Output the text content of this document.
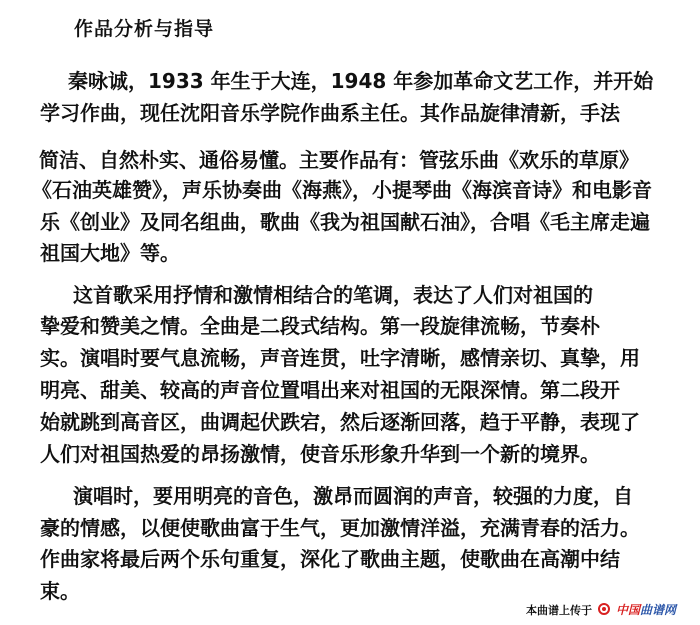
作品分析与指导
秦咏诚，1933 年生于大连，1948 年参加革命文艺工作，并开始
学习作曲，现任沈阳音乐学院作曲系主任。其作品旋律清新，手法
简洁、自然朴实、通俗易懂。主要作品有：管弦乐曲《欢乐的草原》
《石油英雄赞》，声乐协奏曲《海燕》，小提琴曲《海滨音诗》和电影音
乐《创业》及同名组曲，歌曲《我为祖国献石油》，合唱《毛主席走遍
祖国大地》等。
这首歌采用抒情和激情相结合的笔调，表达了人们对祖国的
挚爱和赞美之情。全曲是二段式结构。第一段旋律流畅，节奏朴
实。演唱时要气息流畅，声音连贯，吐字清晰，感情亲切、真挚，用
明亮、甜美、较高的声音位置唱出来对祖国的无限深情。第二段开
始就跳到高音区，曲调起伏跌宕，然后逐渐回落，趋于平静，表现了
人们对祖国热爱的昂扬激情，使音乐形象升华到一个新的境界。
演唱时，要用明亮的音色，激昂而圆润的声音，较强的力度，自
豪的情感，以便使歌曲富于生气，更加激情洋溢，充满青春的活力。
作曲家将最后两个乐句重复，深化了歌曲主题，使歌曲在高潮中结
束。
本曲谱上传于 中国曲谱网
